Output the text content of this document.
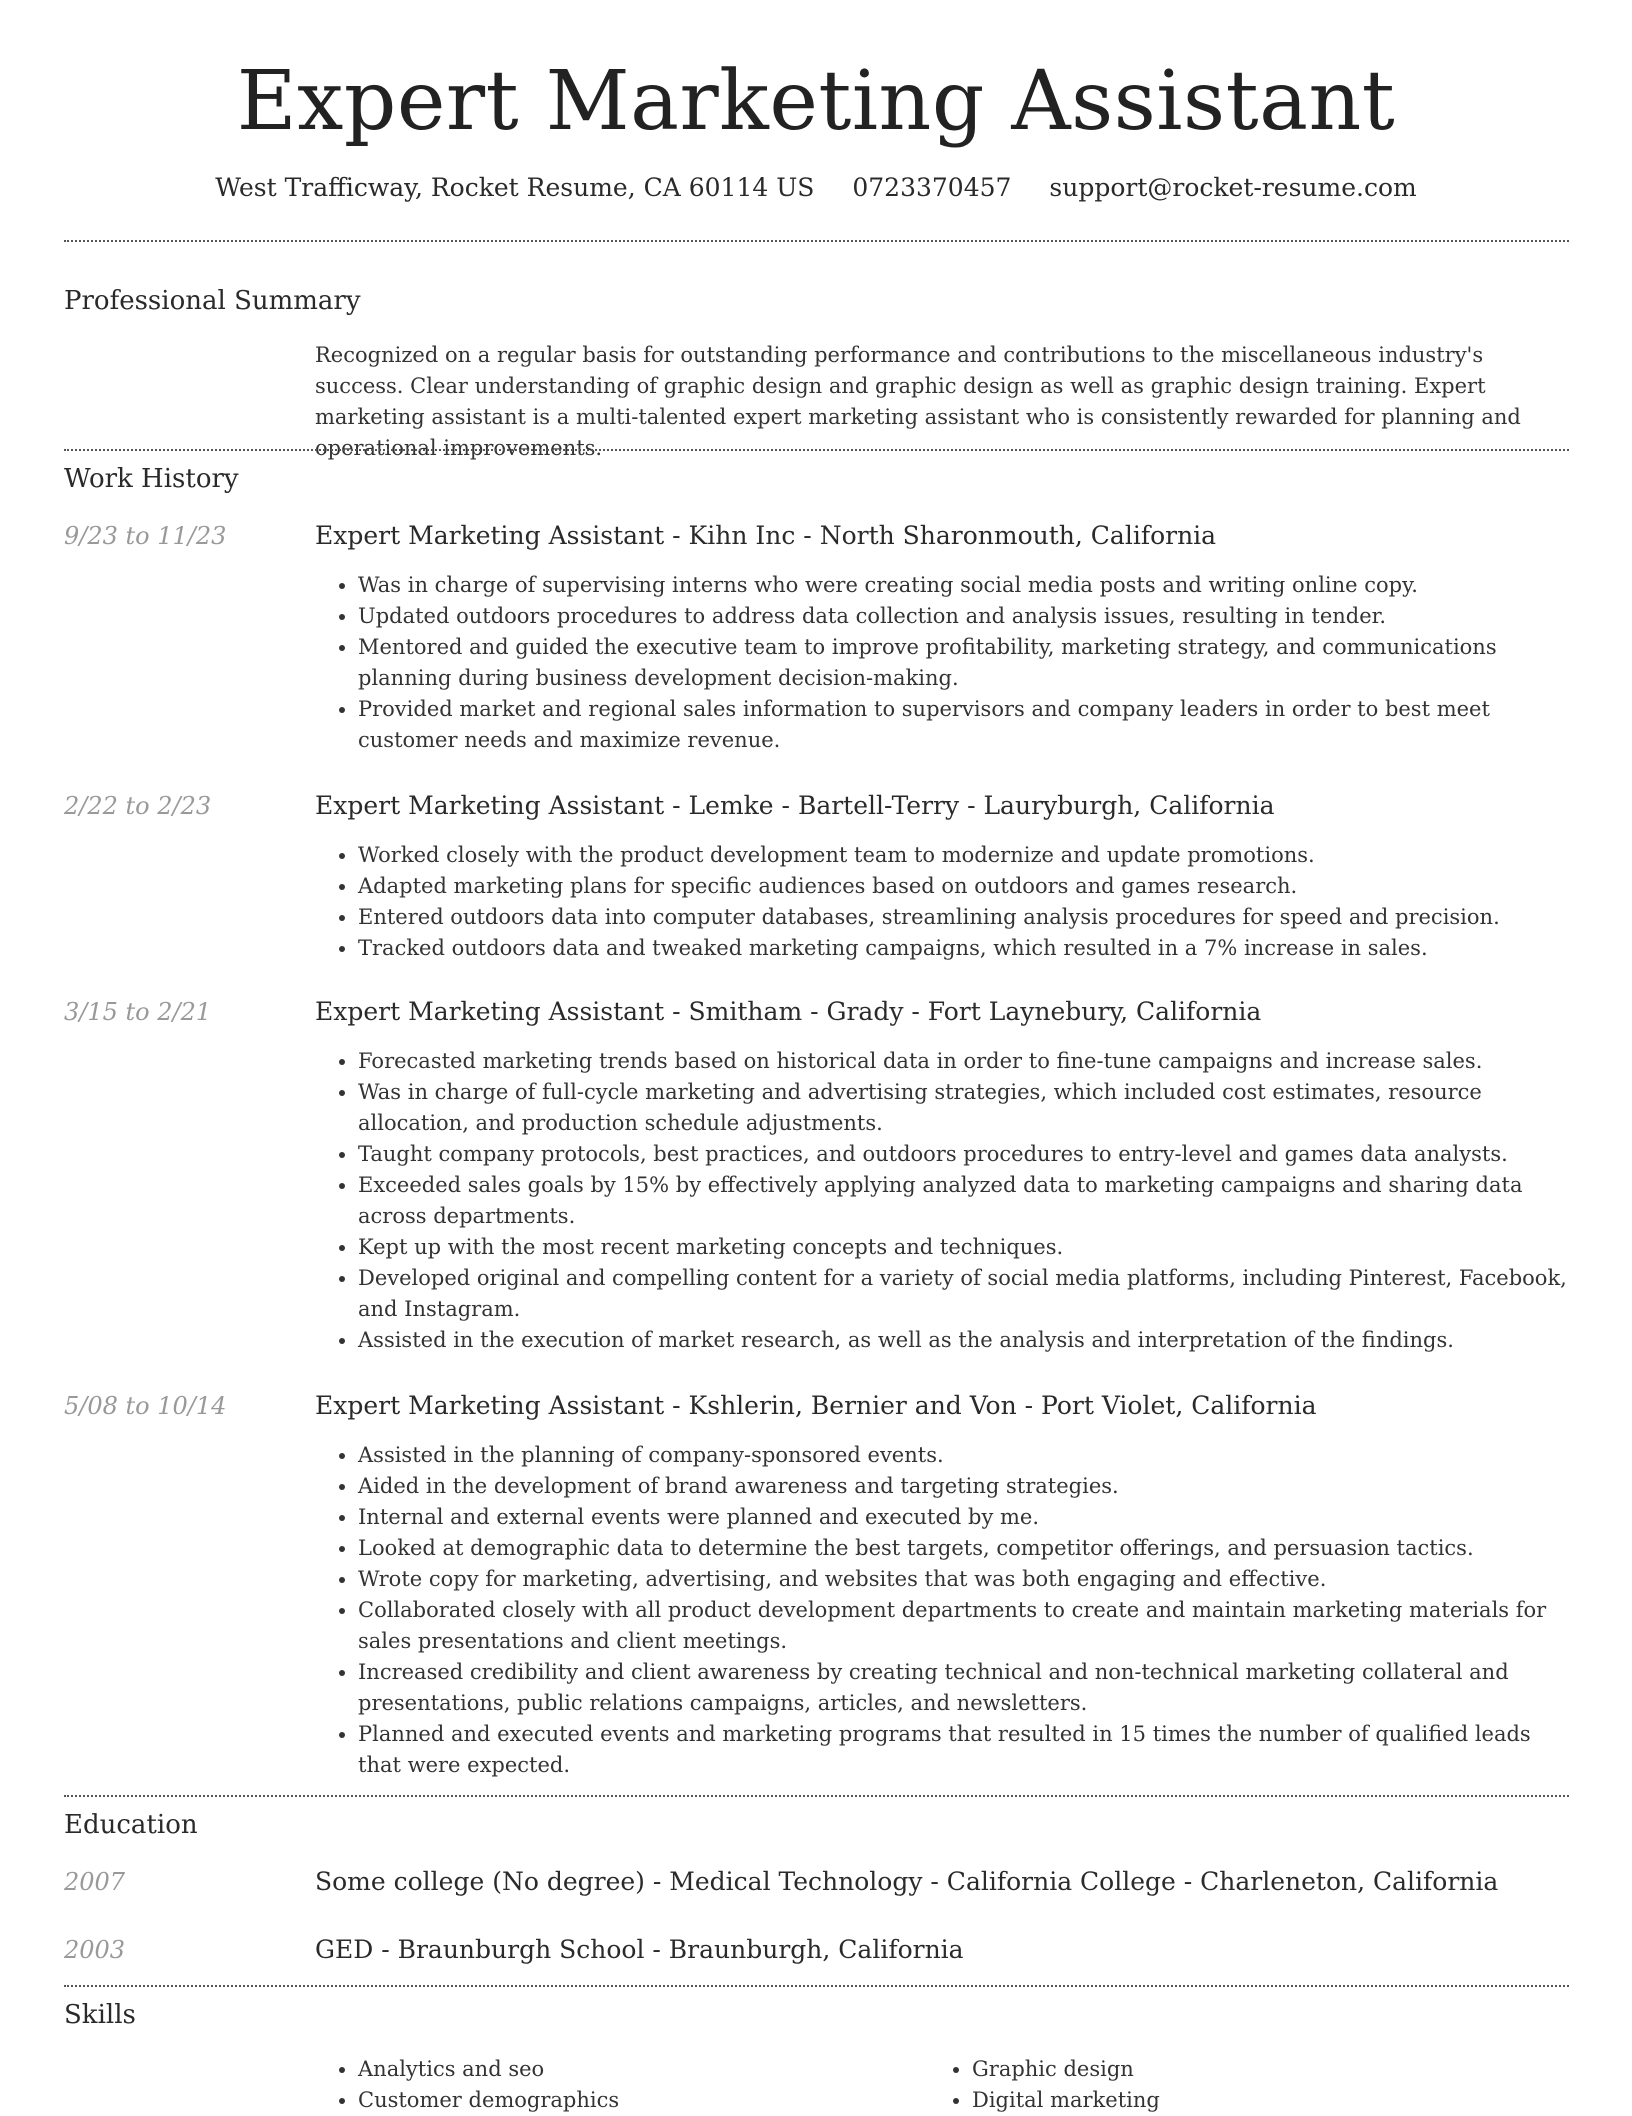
Expert Marketing Assistant
West Trafficway, Rocket Resume, CA 60114 US 0723370457 support@rocket-resume.com
Professional Summary
Recognized on a regular basis for outstanding performance and contributions to the miscellaneous industry's success. Clear understanding of graphic design and graphic design as well as graphic design training. Expert marketing assistant is a multi-talented expert marketing assistant who is consistently rewarded for planning and operational improvements.
Work History
9/23 to 11/23	Expert Marketing Assistant - Kihn Inc - North Sharonmouth, California
• Was in charge of supervising interns who were creating social media posts and writing online copy.
• Updated outdoors procedures to address data collection and analysis issues, resulting in tender.
• Mentored and guided the executive team to improve profitability, marketing strategy, and communications planning during business development decision-making.
• Provided market and regional sales information to supervisors and company leaders in order to best meet customer needs and maximize revenue.
2/22 to 2/23	Expert Marketing Assistant - Lemke - Bartell-Terry - Lauryburgh, California
• Worked closely with the product development team to modernize and update promotions.
• Adapted marketing plans for specific audiences based on outdoors and games research.
• Entered outdoors data into computer databases, streamlining analysis procedures for speed and precision.
• Tracked outdoors data and tweaked marketing campaigns, which resulted in a 7% increase in sales.
3/15 to 2/21	Expert Marketing Assistant - Smitham - Grady - Fort Laynebury, California
• Forecasted marketing trends based on historical data in order to fine-tune campaigns and increase sales.
• Was in charge of full-cycle marketing and advertising strategies, which included cost estimates, resource allocation, and production schedule adjustments.
• Taught company protocols, best practices, and outdoors procedures to entry-level and games data analysts.
• Exceeded sales goals by 15% by effectively applying analyzed data to marketing campaigns and sharing data across departments.
• Kept up with the most recent marketing concepts and techniques.
• Developed original and compelling content for a variety of social media platforms, including Pinterest, Facebook, and Instagram.
• Assisted in the execution of market research, as well as the analysis and interpretation of the findings.
5/08 to 10/14	Expert Marketing Assistant - Kshlerin, Bernier and Von - Port Violet, California
• Assisted in the planning of company-sponsored events.
• Aided in the development of brand awareness and targeting strategies.
• Internal and external events were planned and executed by me.
• Looked at demographic data to determine the best targets, competitor offerings, and persuasion tactics.
• Wrote copy for marketing, advertising, and websites that was both engaging and effective.
• Collaborated closely with all product development departments to create and maintain marketing materials for sales presentations and client meetings.
• Increased credibility and client awareness by creating technical and non-technical marketing collateral and presentations, public relations campaigns, articles, and newsletters.
• Planned and executed events and marketing programs that resulted in 15 times the number of qualified leads that were expected.
Education
2007	Some college (No degree) - Medical Technology - California College - Charleneton, California
2003	GED - Braunburgh School - Braunburgh, California
Skills
• Analytics and seo
• Customer demographics
• Graphic design
• Digital marketing
